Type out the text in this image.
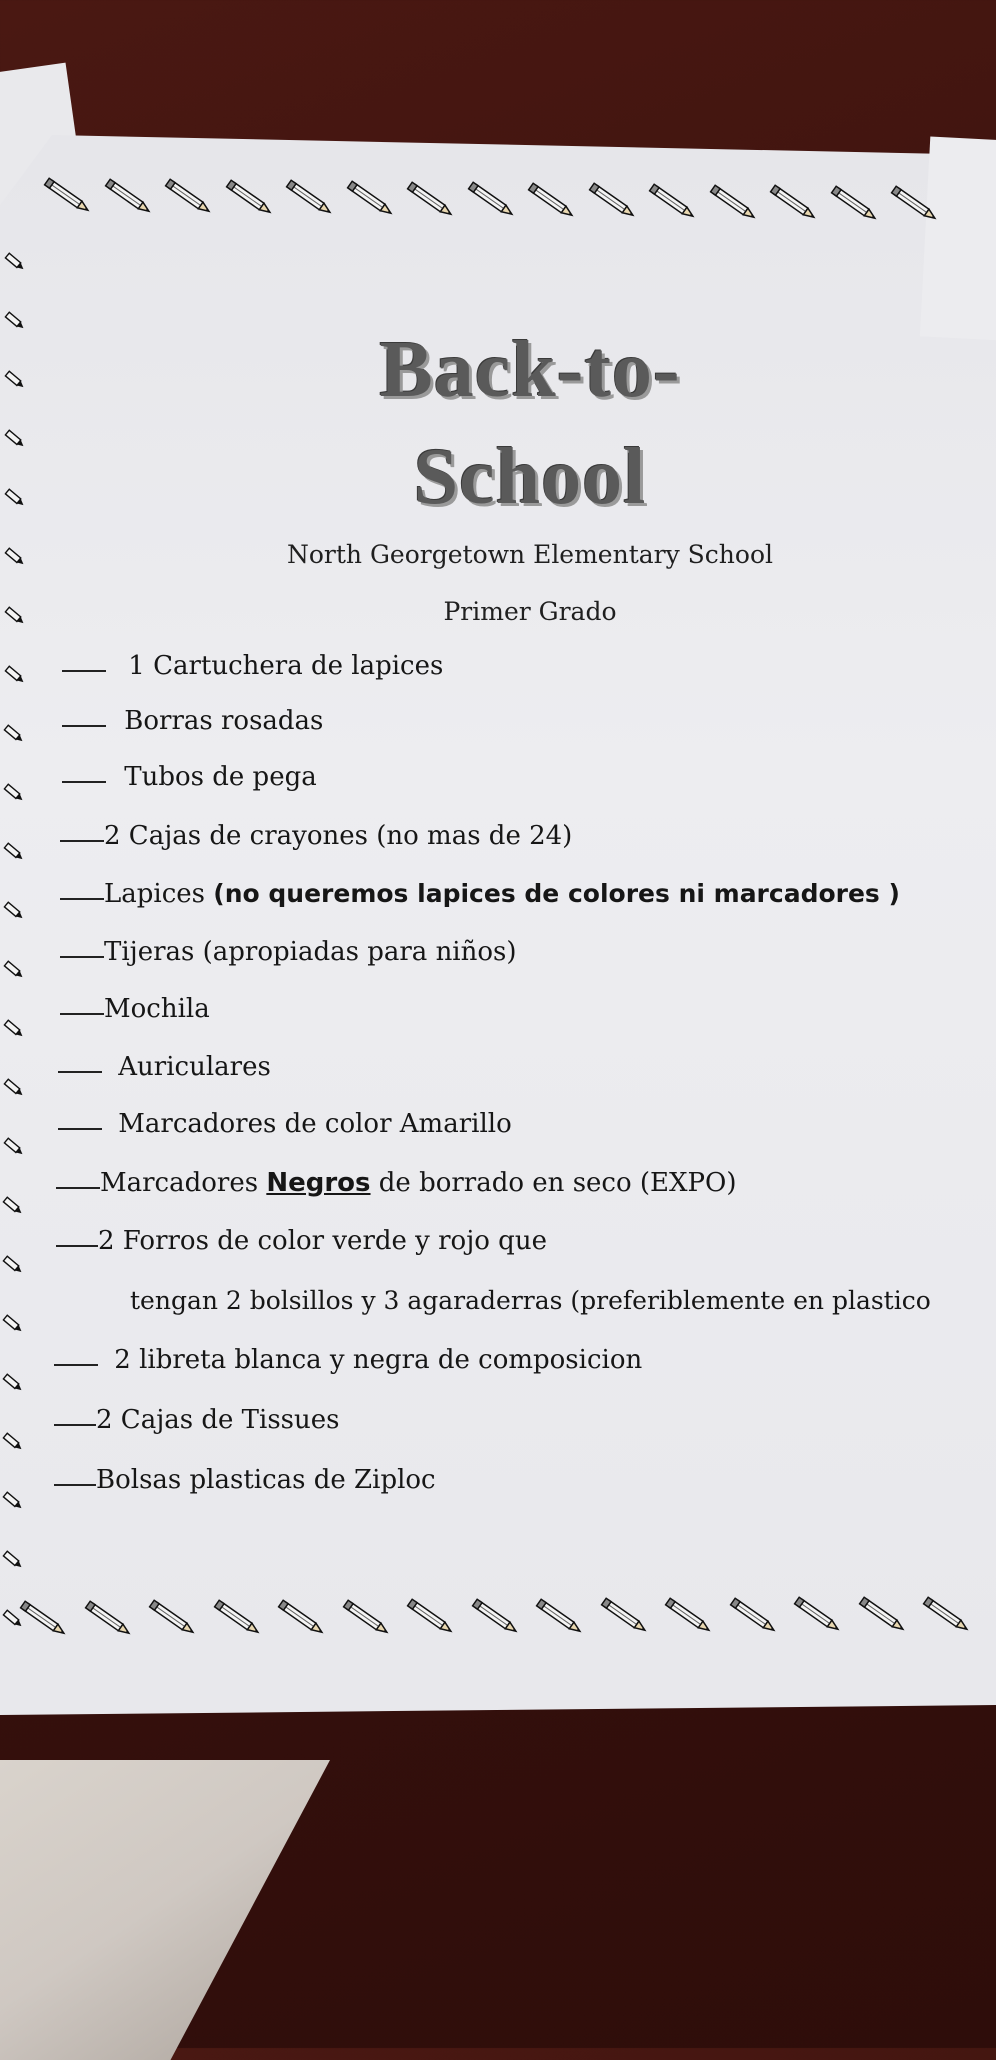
Back-to-
School
North Georgetown Elementary School
Primer Grado
1 Cartuchera de lapices
Borras rosadas
Tubos de pega
2 Cajas de crayones (no mas de 24)
Lapices (no queremos lapices de colores ni marcadores )
Tijeras (apropiadas para niños)
Mochila
Auriculares
Marcadores de color Amarillo
Marcadores Negros de borrado en seco (EXPO)
2 Forros de color verde y rojo que
tengan 2 bolsillos y 3 agaraderras (preferiblemente en plastico
2 libreta blanca y negra de composicion
2 Cajas de Tissues
Bolsas plasticas de Ziploc
